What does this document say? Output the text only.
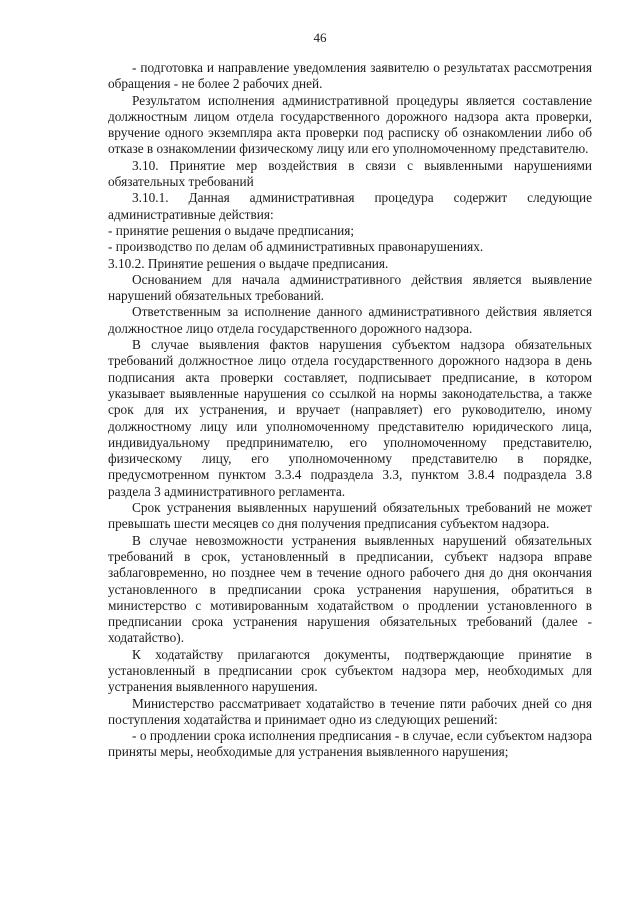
46

- подготовка и направление уведомления заявителю о результатах рассмотрения обращения - не более 2 рабочих дней.

Результатом исполнения административной процедуры является составление должностным лицом отдела государственного дорожного надзора акта проверки, вручение одного экземпляра акта проверки под расписку об ознакомлении либо об отказе в ознакомлении физическому лицу или его уполномоченному представителю.

3.10. Принятие мер воздействия в связи с выявленными нарушениями обязательных требований

3.10.1. Данная административная процедура содержит следующие административные действия:

- принятие решения о выдаче предписания;

- производство по делам об административных правонарушениях.

3.10.2. Принятие решения о выдаче предписания.

Основанием для начала административного действия является выявление нарушений обязательных требований.

Ответственным за исполнение данного административного действия является должностное лицо отдела государственного дорожного надзора.

В случае выявления фактов нарушения субъектом надзора обязательных требований должностное лицо отдела государственного дорожного надзора в день подписания акта проверки составляет, подписывает предписание, в котором указывает выявленные нарушения со ссылкой на нормы законодательства, а также срок для их устранения, и вручает (направляет) его руководителю, иному должностному лицу или уполномоченному представителю юридического лица, индивидуальному предпринимателю, его уполномоченному представителю, физическому лицу, его уполномоченному представителю в порядке, предусмотренном пунктом 3.3.4 подраздела 3.3, пунктом 3.8.4 подраздела 3.8 раздела 3 административного регламента.

Срок устранения выявленных нарушений обязательных требований не может превышать шести месяцев со дня получения предписания субъектом надзора.

В случае невозможности устранения выявленных нарушений обязательных требований в срок, установленный в предписании, субъект надзора вправе заблаговременно, но позднее чем в течение одного рабочего дня до дня окончания установленного в предписании срока устранения нарушения, обратиться в министерство с мотивированным ходатайством о продлении установленного в предписании срока устранения нарушения обязательных требований (далее - ходатайство).

К ходатайству прилагаются документы, подтверждающие принятие в установленный в предписании срок субъектом надзора мер, необходимых для устранения выявленного нарушения.

Министерство рассматривает ходатайство в течение пяти рабочих дней со дня поступления ходатайства и принимает одно из следующих решений:

- о продлении срока исполнения предписания - в случае, если субъектом надзора приняты меры, необходимые для устранения выявленного нарушения;
